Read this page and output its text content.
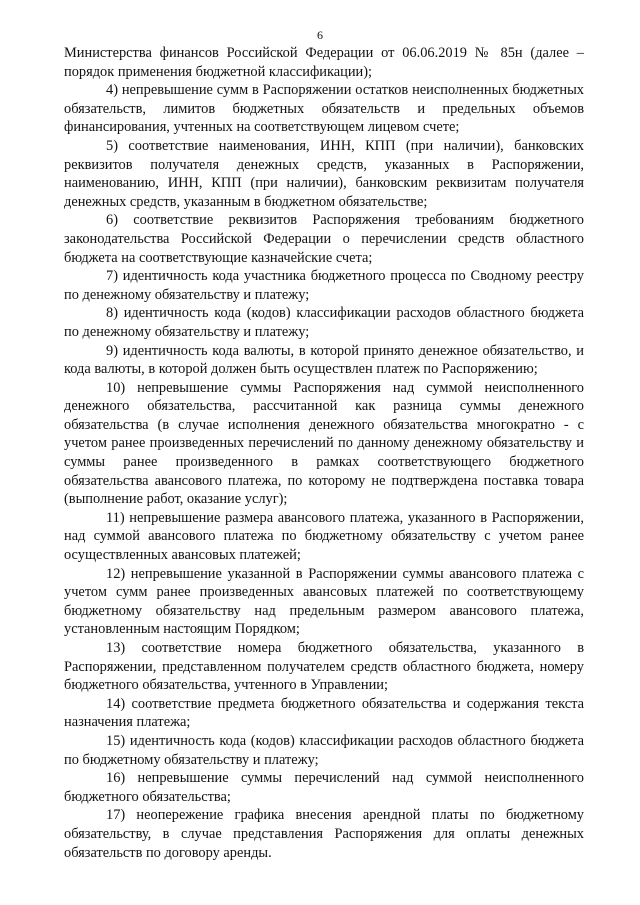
6

Министерства финансов Российской Федерации от 06.06.2019 № 85н (далее – порядок применения бюджетной классификации);

4) непревышение сумм в Распоряжении остатков неисполненных бюджетных обязательств, лимитов бюджетных обязательств и предельных объемов финансирования, учтенных на соответствующем лицевом счете;

5) соответствие наименования, ИНН, КПП (при наличии), банковских реквизитов получателя денежных средств, указанных в Распоряжении, наименованию, ИНН, КПП (при наличии), банковским реквизитам получателя денежных средств, указанным в бюджетном обязательстве;

6) соответствие реквизитов Распоряжения требованиям бюджетного законодательства Российской Федерации о перечислении средств областного бюджета на соответствующие казначейские счета;

7) идентичность кода участника бюджетного процесса по Сводному реестру по денежному обязательству и платежу;

8) идентичность кода (кодов) классификации расходов областного бюджета по денежному обязательству и платежу;

9) идентичность кода валюты, в которой принято денежное обязательство, и кода валюты, в которой должен быть осуществлен платеж по Распоряжению;

10) непревышение суммы Распоряжения над суммой неисполненного денежного обязательства, рассчитанной как разница суммы денежного обязательства (в случае исполнения денежного обязательства многократно - с учетом ранее произведенных перечислений по данному денежному обязательству и суммы ранее произведенного в рамках соответствующего бюджетного обязательства авансового платежа, по которому не подтверждена поставка товара (выполнение работ, оказание услуг);

11) непревышение размера авансового платежа, указанного в Распоряжении, над суммой авансового платежа по бюджетному обязательству с учетом ранее осуществленных авансовых платежей;

12) непревышение указанной в Распоряжении суммы авансового платежа с учетом сумм ранее произведенных авансовых платежей по соответствующему бюджетному обязательству над предельным размером авансового платежа, установленным настоящим Порядком;

13) соответствие номера бюджетного обязательства, указанного в Распоряжении, представленном получателем средств областного бюджета, номеру бюджетного обязательства, учтенного в Управлении;

14) соответствие предмета бюджетного обязательства и содержания текста назначения платежа;

15) идентичность кода (кодов) классификации расходов областного бюджета по бюджетному обязательству и платежу;

16) непревышение суммы перечислений над суммой неисполненного бюджетного обязательства;

17) неопережение графика внесения арендной платы по бюджетному обязательству, в случае представления Распоряжения для оплаты денежных обязательств по договору аренды.
